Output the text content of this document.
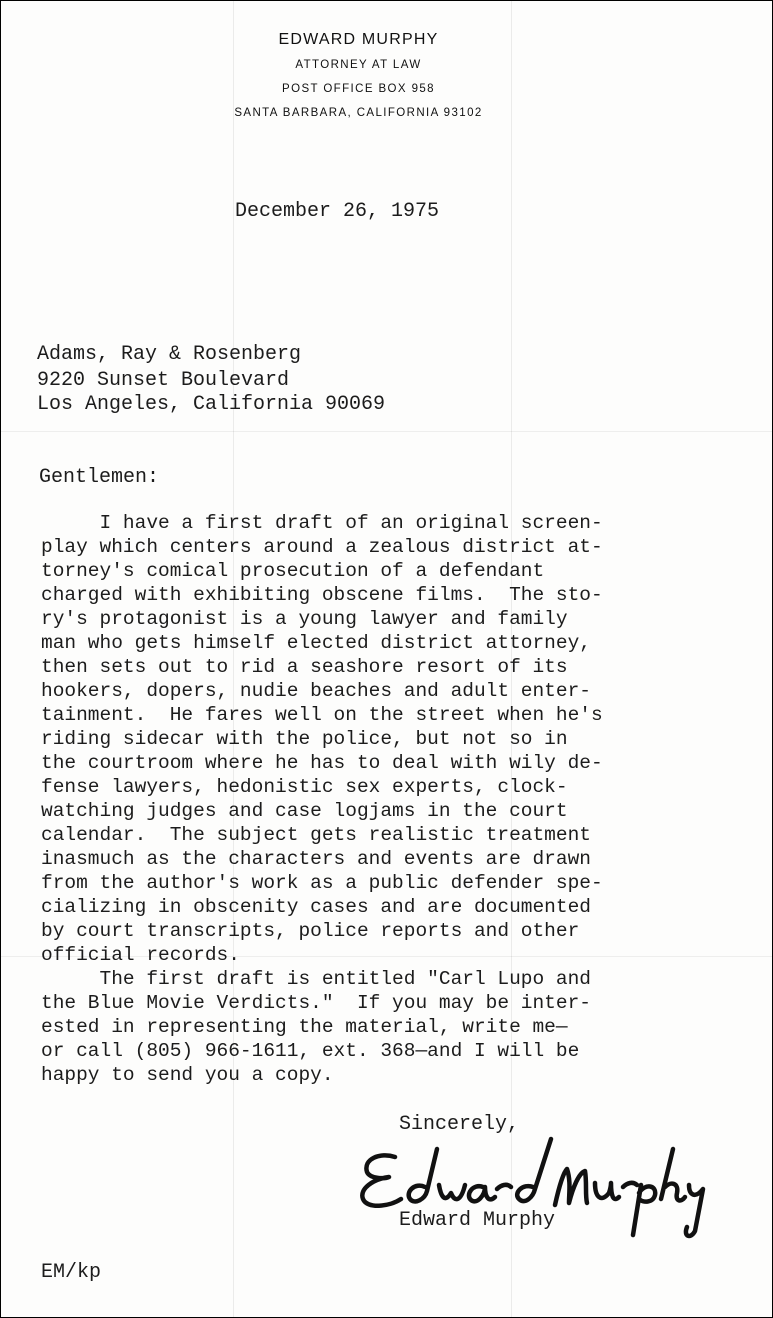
EDWARD MURPHY
ATTORNEY AT LAW
POST OFFICE BOX 958
SANTA BARBARA, CALIFORNIA 93102
December 26, 1975
Adams, Ray & Rosenberg
9220 Sunset Boulevard
Los Angeles, California 90069
Gentlemen:
I have a first draft of an original screen-
play which centers around a zealous district at-
torney's comical prosecution of a defendant
charged with exhibiting obscene films.  The sto-
ry's protagonist is a young lawyer and family
man who gets himself elected district attorney,
then sets out to rid a seashore resort of its
hookers, dopers, nudie beaches and adult enter-
tainment.  He fares well on the street when he's
riding sidecar with the police, but not so in
the courtroom where he has to deal with wily de-
fense lawyers, hedonistic sex experts, clock-
watching judges and case logjams in the court
calendar.  The subject gets realistic treatment
inasmuch as the characters and events are drawn
from the author's work as a public defender spe-
cializing in obscenity cases and are documented
by court transcripts, police reports and other
official records.
The first draft is entitled "Carl Lupo and
the Blue Movie Verdicts."  If you may be inter-
ested in representing the material, write me—
or call (805) 966-1611, ext. 368—and I will be
happy to send you a copy.
Sincerely,
Edward Murphy
EM/kp
